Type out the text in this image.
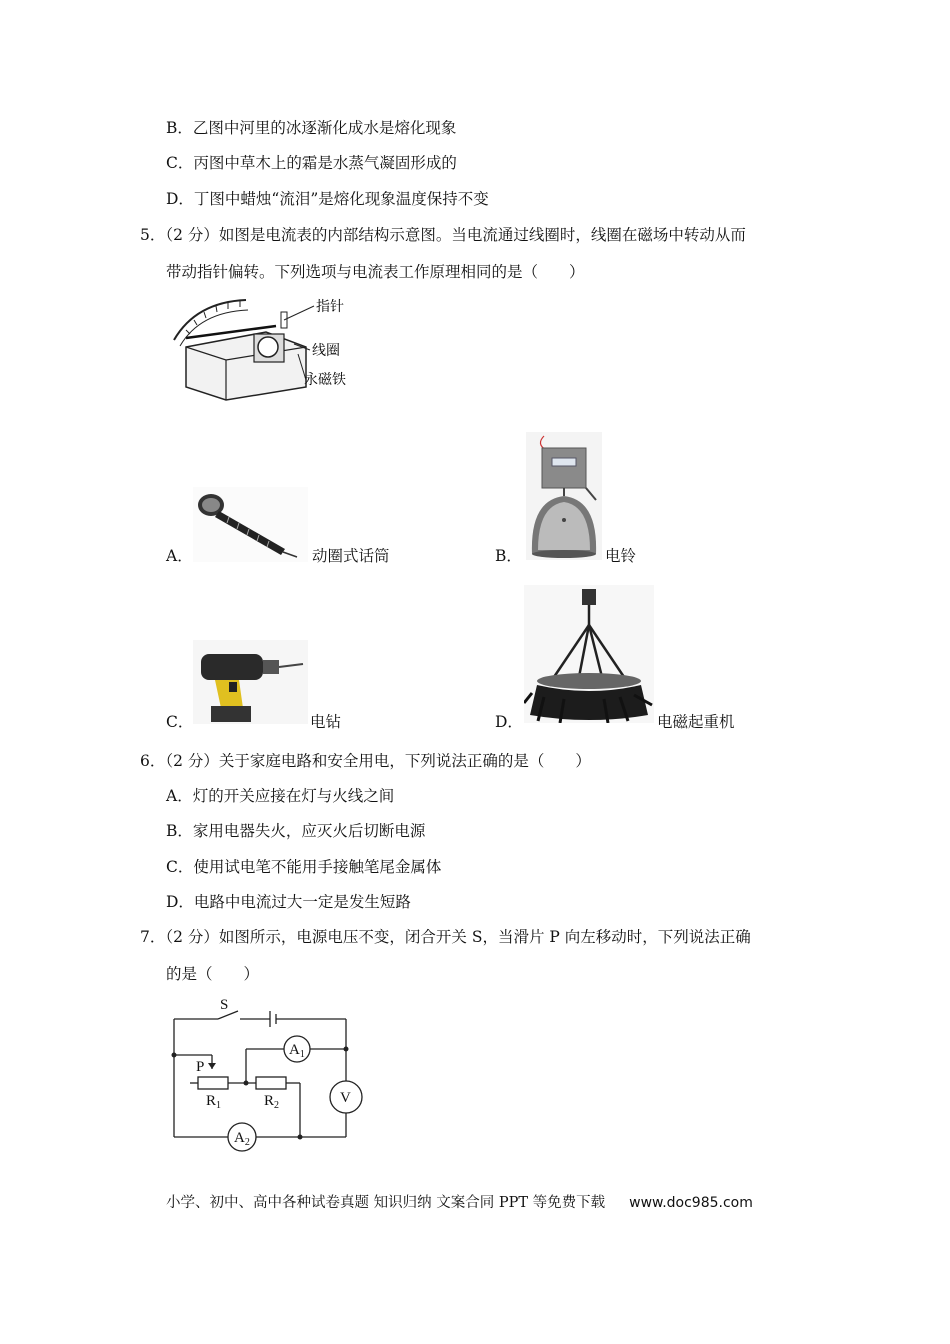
B．乙图中河里的冰逐渐化成水是熔化现象
C．丙图中草木上的霜是水蒸气凝固形成的
D．丁图中蜡烛“流泪”是熔化现象温度保持不变
5．（2 分）如图是电流表的内部结构示意图。当电流通过线圈时，线圈在磁场中转动从而
带动指针偏转。下列选项与电流表工作原理相同的是（　　）
指针
线圈
永磁铁
A．	动圈式话筒	B．	电铃
C．	电钻	D．	电磁起重机
6．（2 分）关于家庭电路和安全用电，下列说法正确的是（　　）
A．灯的开关应接在灯与火线之间
B．家用电器失火，应灭火后切断电源
C．使用试电笔不能用手接触笔尾金属体
D．电路中电流过大一定是发生短路
7．（2 分）如图所示，电源电压不变，闭合开关 S，当滑片 P 向左移动时，下列说法正确
的是（　　）
S
P
$A_1$
V
$R_1$	$R_2$
$A_2$
小学、初中、高中各种试卷真题 知识归纳 文案合同 PPT 等免费下载 www.doc985.com
